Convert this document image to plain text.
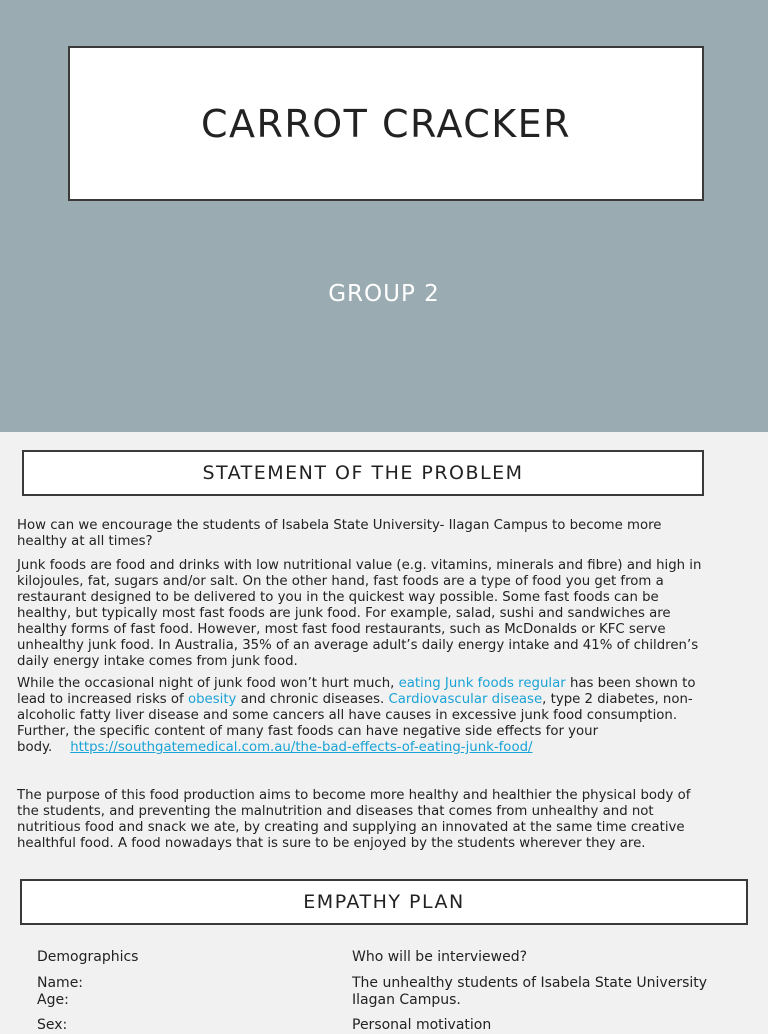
CARROT CRACKER
GROUP 2
STATEMENT OF THE PROBLEM

How can we encourage the students of Isabela State University- Ilagan Campus to become more healthy at all times?

Junk foods are food and drinks with low nutritional value (e.g. vitamins, minerals and fibre) and high in kilojoules, fat, sugars and/or salt. On the other hand, fast foods are a type of food you get from a restaurant designed to be delivered to you in the quickest way possible. Some fast foods can be healthy, but typically most fast foods are junk food. For example, salad, sushi and sandwiches are healthy forms of fast food. However, most fast food restaurants, such as McDonalds or KFC serve unhealthy junk food. In Australia, 35% of an average adult’s daily energy intake and 41% of children’s daily energy intake comes from junk food.

While the occasional night of junk food won’t hurt much, eating Junk foods regular has been shown to lead to increased risks of obesity and chronic diseases. Cardiovascular disease, type 2 diabetes, non-alcoholic fatty liver disease and some cancers all have causes in excessive junk food consumption. Further, the specific content of many fast foods can have negative side effects for your body. https://southgatemedical.com.au/the-bad-effects-of-eating-junk-food/

The purpose of this food production aims to become more healthy and healthier the physical body of the students, and preventing the malnutrition and diseases that comes from unhealthy and not nutritious food and snack we ate, by creating and supplying an innovated at the same time creative healthful food. A food nowadays that is sure to be enjoyed by the students wherever they are.

EMPATHY PLAN
Demographics
Name:
Age:
Sex:
Who will be interviewed?
The unhealthy students of Isabela State University Ilagan Campus.
Personal motivation
